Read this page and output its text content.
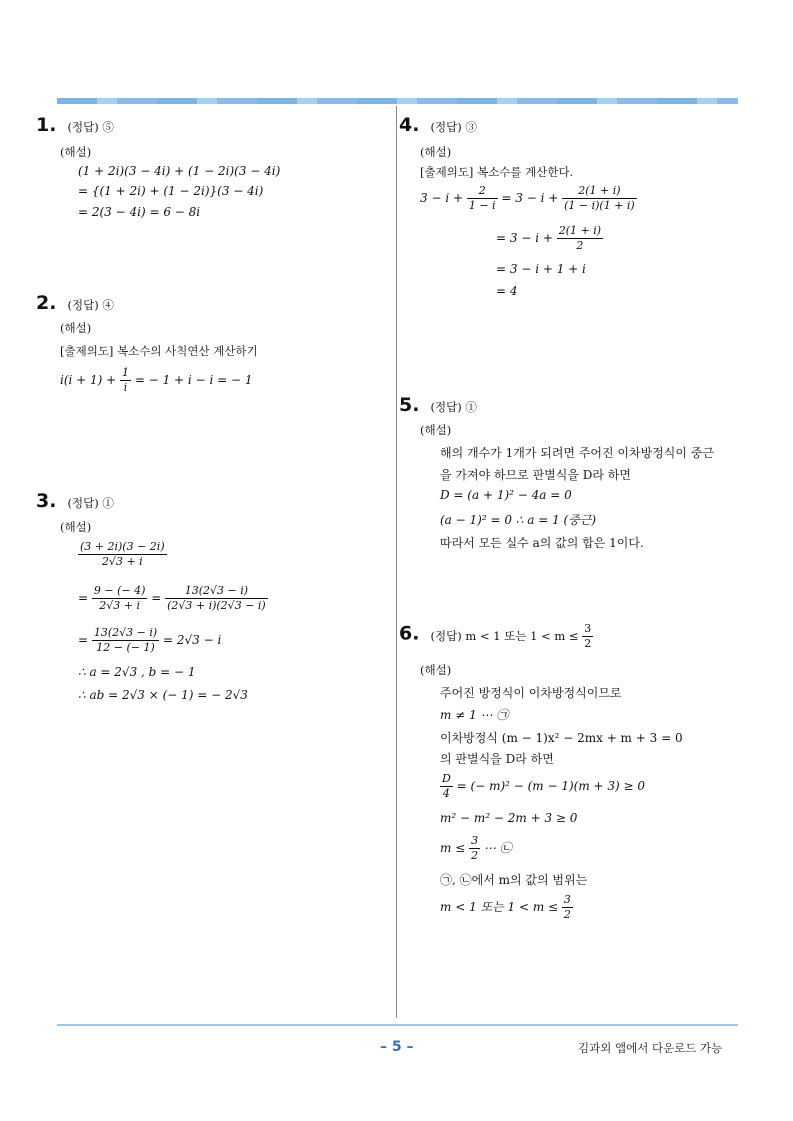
1. (정답) ⑤
(해설)
(1 + 2i)(3 − 4i) + (1 − 2i)(3 − 4i)
= {(1 + 2i) + (1 − 2i)}(3 − 4i)
= 2(3 − 4i) = 6 − 8i
2. (정답) ④
(해설)
[출제의도] 복소수의 사칙연산 계산하기
$i(i + 1) + \frac{1}{i}$ = − 1 + i − i = − 1
3. (정답) ①
(해설)
$\frac{(3 + 2i)(3 - 2i)}{2√3 + i}$
= $\frac{9 - (- 4)}{2√3 + i} = \frac{13(2√3 - i)}{(2√3 + i)(2√3 - i)}$
= $\frac{13(2√3 - i)}{12 - (- 1)} = 2√3 - i$
∴ a = 2√3 , b = − 1
∴ ab = 2√3 × (− 1) = − 2√3
4. (정답) ③
(해설)
[출제의도] 복소수를 계산한다.
$3 - i + \frac{2}{1 - i} = 3 - i + \frac{2(1 + i)}{(1 - i)(1 + i)}$
= $3 - i + \frac{2(1 + i)}{2}$
= 3 − i + 1 + i
= 4
5. (정답) ①
(해설)
해의 개수가 1개가 되려면 주어진 이차방정식이 중근
을 가져야 하므로 판별식을 D라 하면
D = (a + 1)² − 4a = 0
(a − 1)² = 0 ∴ a = 1 (중근)
따라서 모든 실수 a의 값의 합은 1이다.
6. (정답) m < 1 또는 $1 < m \le \frac{3}{2}$
(해설)
주어진 방정식이 이차방정식이므로
m ≠ 1 ⋯ ㉠
이차방정식 (m − 1)x² − 2mx + m + 3 = 0
의 판별식을 D라 하면
$\frac{D}{4}$ = (− m)² − (m − 1)(m + 3) ≥ 0
m² − m² − 2m + 3 ≥ 0
$m \le \frac{3}{2}$ ⋯ ㉡
㉠, ㉡에서 m의 값의 범위는
m < 1 또는 $1 < m \le \frac{3}{2}$
– 5 –	김과외 앱에서 다운로드 가능
